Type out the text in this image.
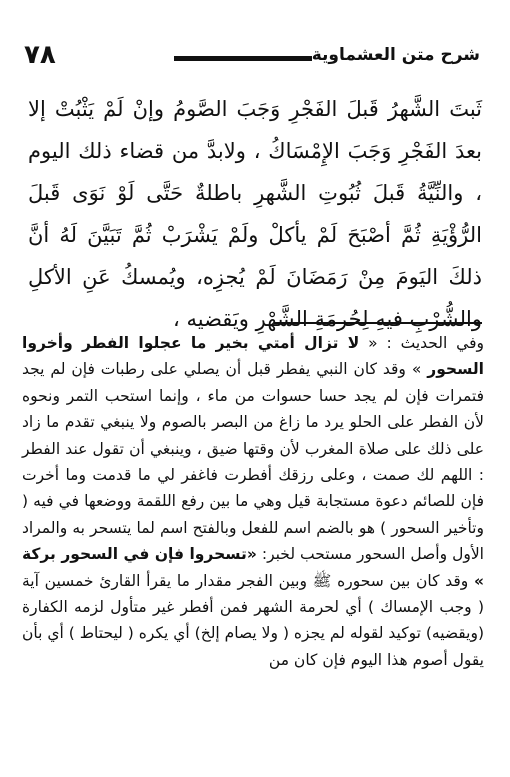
شرح متن العشماوية
٧٨

ثَبتَ الشَّهرُ قَبلَ الفَجْرِ وَجَبَ الصَّومُ وإنْ لَمْ يَثْبُتْ إلا بعدَ الفَجْرِ وَجَبَ الإِمْسَاكُ ، ولابدَّ من قضاء ذلك اليوم ، والنِّيَّةُ قَبلَ ثُبُوتِ الشَّهرِ باطلةٌ حَتَّى لَوْ نَوَى قَبلَ الرُّؤْيَةِ ثُمَّ أصْبَحَ لَمْ يأكلْ ولَمْ يَشْرَبْ ثُمَّ تَبَيَّنَ لَهُ أنَّ ذلكَ اليَومَ مِنْ رَمَضَانَ لَمْ يُجزِه، ويُمسكُ عَنِ الأكلِ والشُّرْبِ فيهِ لِحُرمَةِ الشَّهْرِ ويَقضيه ،

وفي الحديث : « لا تزال أمتي بخير ما عجلوا الفطر وأخروا السحور » وقد كان النبي يفطر قبل أن يصلي على رطبات فإن لم يجد فتمرات فإن لم يجد حسا حسوات من ماء ، وإنما استحب التمر ونحوه لأن الفطر على الحلو يرد ما زاغ من البصر بالصوم ولا ينبغي تقدم ما زاد على ذلك على صلاة المغرب لأن وقتها ضيق ، وينبغي أن تقول عند الفطر : اللهم لك صمت ، وعلى رزقك أفطرت فاغفر لي ما قدمت وما أخرت فإن للصائم دعوة مستجابة قيل وهي ما بين رفع اللقمة ووضعها في فيه ( وتأخير السحور ) هو بالضم اسم للفعل وبالفتح اسم لما يتسحر به والمراد الأول وأصل السحور مستحب لخبر: «تسحروا فإن في السحور بركة » وقد كان بين سحوره ﷺ وبين الفجر مقدار ما يقرأ القارئ خمسين آية ( وجب الإمساك ) أي لحرمة الشهر فمن أفطر غير متأول لزمه الكفارة (ويقضيه) توكيد لقوله لم يجزه ( ولا يصام إلخ) أي يكره ( ليحتاط ) أي بأن يقول أصوم هذا اليوم فإن كان من
